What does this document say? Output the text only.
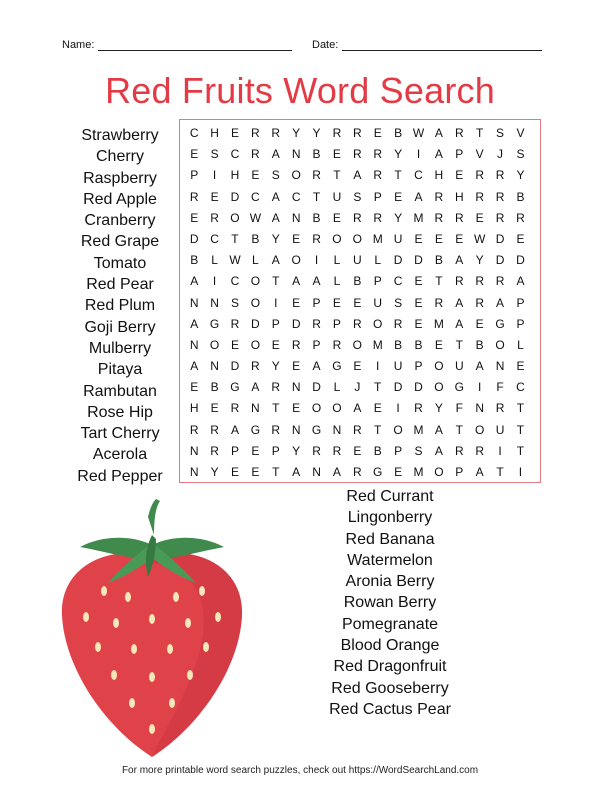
Name:	Date:
Red Fruits Word Search
Strawberry
Cherry
Raspberry
Red Apple
Cranberry
Red Grape
Tomato
Red Pear
Red Plum
Goji Berry
Mulberry
Pitaya
Rambutan
Rose Hip
Tart Cherry
Acerola
Red Pepper
C H	E	R R	Y	Y	R R	E	B W A	R	T	S	V
E	S	C R	A	N	B	E	R R	Y	I	A	P	V	J	S
P	I	H	E	S O R	T	A	R	T	C H	E	R R	Y
R	E	D C	A	C	T	U	S	P	E	A	R H R R	B
E	R O W A	N	B	E	R R	Y M R R	E	R R
D C	T	B	Y	E	R O O M U	E	E	E W D	E
B	L W L	A O	I	L	U	L	D D	B	A	Y	D D
A	I	C O	T	A	A	L	B	P	C	E	T	R R R	A
N N	S O	I	E	P	E	E	U	S	E	R	A	R	A	P
A G R D	P	D R	P	R O R	E M A	E G P
N O E O E	R	P	R O M B	B	E	T	B O	L
A	N D R	Y	E	A G E	I	U	P O U	A	N	E
E	B G A	R N D	L	J	T	D D O G	I	F	C
H	E	R N	T	E O O A	E	I	R	Y	F	N R	T
R R	A G R N G N R	T	O M A	T	O U	T
N R	P	E	P	Y	R R	E	B	P	S	A	R R	I	T
N	Y	E	E	T	A	N	A	R G E M O P	A	T	I
Red Currant
Lingonberry
Red Banana
Watermelon
Aronia Berry
Rowan Berry
Pomegranate
Blood Orange
Red Dragonfruit
Red Gooseberry
Red Cactus Pear
For more printable word search puzzles, check out https://WordSearchLand.com
